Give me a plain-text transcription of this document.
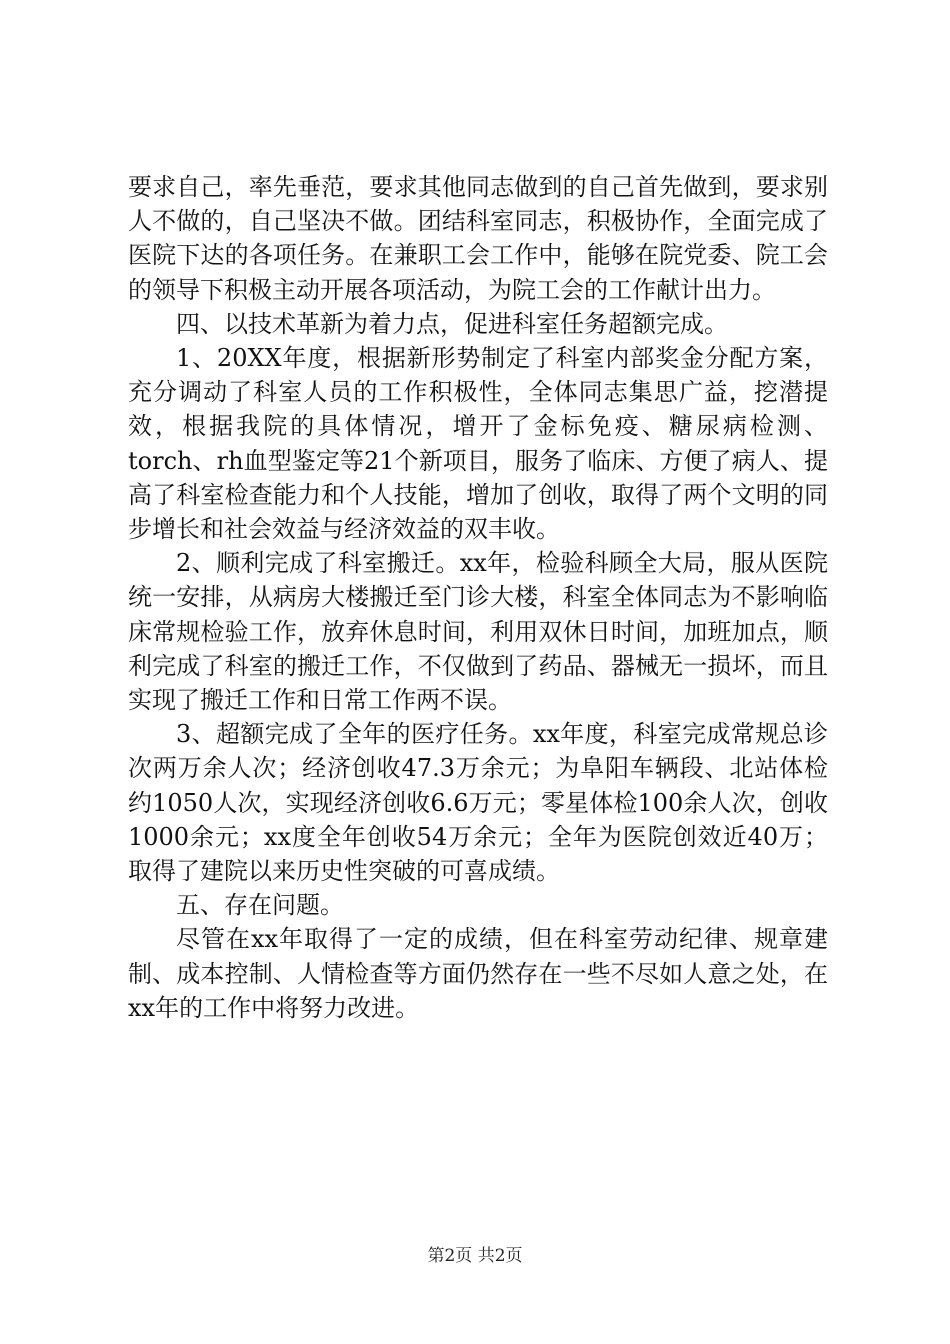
要求自己，率先垂范，要求其他同志做到的自己首先做到，要求别人不做的，自己坚决不做。团结科室同志，积极协作，全面完成了医院下达的各项任务。在兼职工会工作中，能够在院党委、院工会的领导下积极主动开展各项活动，为院工会的工作献计出力。

四、以技术革新为着力点，促进科室任务超额完成。

1、20XX年度，根据新形势制定了科室内部奖金分配方案，充分调动了科室人员的工作积极性，全体同志集思广益，挖潜提效，根据我院的具体情况，增开了金标免疫、糖尿病检测、torch、rh血型鉴定等21个新项目，服务了临床、方便了病人、提高了科室检查能力和个人技能，增加了创收，取得了两个文明的同步增长和社会效益与经济效益的双丰收。

2、顺利完成了科室搬迁。xx年，检验科顾全大局，服从医院统一安排，从病房大楼搬迁至门诊大楼，科室全体同志为不影响临床常规检验工作，放弃休息时间，利用双休日时间，加班加点，顺利完成了科室的搬迁工作，不仅做到了药品、器械无一损坏，而且实现了搬迁工作和日常工作两不误。

3、超额完成了全年的医疗任务。xx年度，科室完成常规总诊次两万余人次；经济创收47.3万余元；为阜阳车辆段、北站体检约1050人次，实现经济创收6.6万元；零星体检100余人次，创收1000余元；xx度全年创收54万余元；全年为医院创效近40万；取得了建院以来历史性突破的可喜成绩。

五、存在问题。

尽管在xx年取得了一定的成绩，但在科室劳动纪律、规章建制、成本控制、人情检查等方面仍然存在一些不尽如人意之处，在xx年的工作中将努力改进。

第2页 共2页
